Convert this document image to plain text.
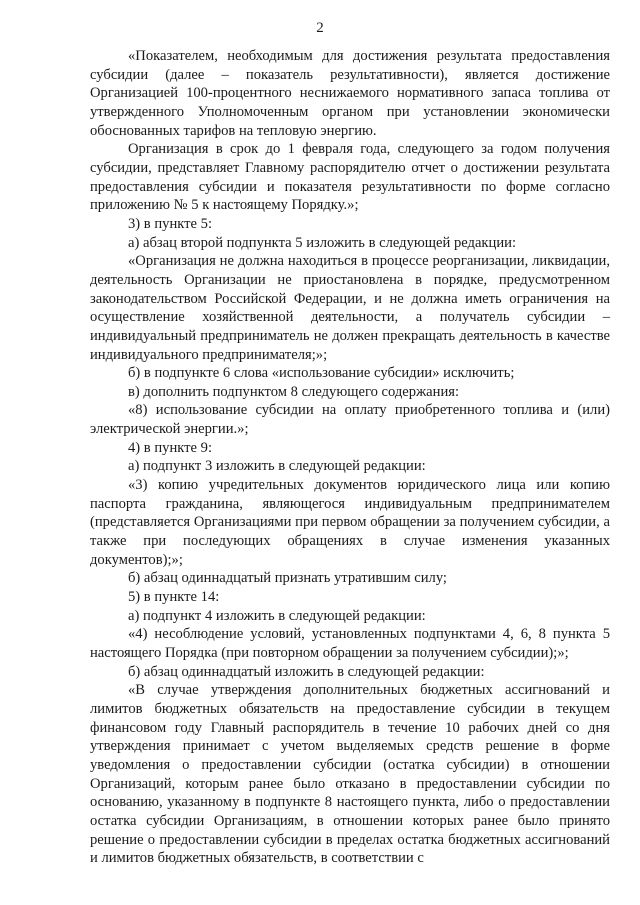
2

«Показателем, необходимым для достижения результата предоставления субсидии (далее – показатель результативности), является достижение Организацией 100-процентного неснижаемого нормативного запаса топлива от утвержденного Уполномоченным органом при установлении экономически обоснованных тарифов на тепловую энергию.

Организация в срок до 1 февраля года, следующего за годом получения субсидии, представляет Главному распорядителю отчет о достижении результата предоставления субсидии и показателя результативности по форме согласно приложению № 5 к настоящему Порядку.»;

3) в пункте 5:

а) абзац второй подпункта 5 изложить в следующей редакции:

«Организация не должна находиться в процессе реорганизации, ликвидации, деятельность Организации не приостановлена в порядке, предусмотренном законодательством Российской Федерации, и не должна иметь ограничения на осуществление хозяйственной деятельности, а получатель субсидии – индивидуальный предприниматель не должен прекращать деятельность в качестве индивидуального предпринимателя;»;

б) в подпункте 6 слова «использование субсидии» исключить;

в) дополнить подпунктом 8 следующего содержания:

«8) использование субсидии на оплату приобретенного топлива и (или) электрической энергии.»;

4) в пункте 9:

а) подпункт 3 изложить в следующей редакции:

«3) копию учредительных документов юридического лица или копию паспорта гражданина, являющегося индивидуальным предпринимателем (представляется Организациями при первом обращении за получением субсидии, а также при последующих обращениях в случае изменения указанных документов);»;

б) абзац одиннадцатый признать утратившим силу;

5) в пункте 14:

а) подпункт 4 изложить в следующей редакции:

«4) несоблюдение условий, установленных подпунктами 4, 6, 8 пункта 5 настоящего Порядка (при повторном обращении за получением субсидии);»;

б) абзац одиннадцатый изложить в следующей редакции:

«В случае утверждения дополнительных бюджетных ассигнований и лимитов бюджетных обязательств на предоставление субсидии в текущем финансовом году Главный распорядитель в течение 10 рабочих дней со дня утверждения принимает с учетом выделяемых средств решение в форме уведомления о предоставлении субсидии (остатка субсидии) в отношении Организаций, которым ранее было отказано в предоставлении субсидии по основанию, указанному в подпункте 8 настоящего пункта, либо о предоставлении остатка субсидии Организациям, в отношении которых ранее было принято решение о предоставлении субсидии в пределах остатка бюджетных ассигнований и лимитов бюджетных обязательств, в соответствии с
